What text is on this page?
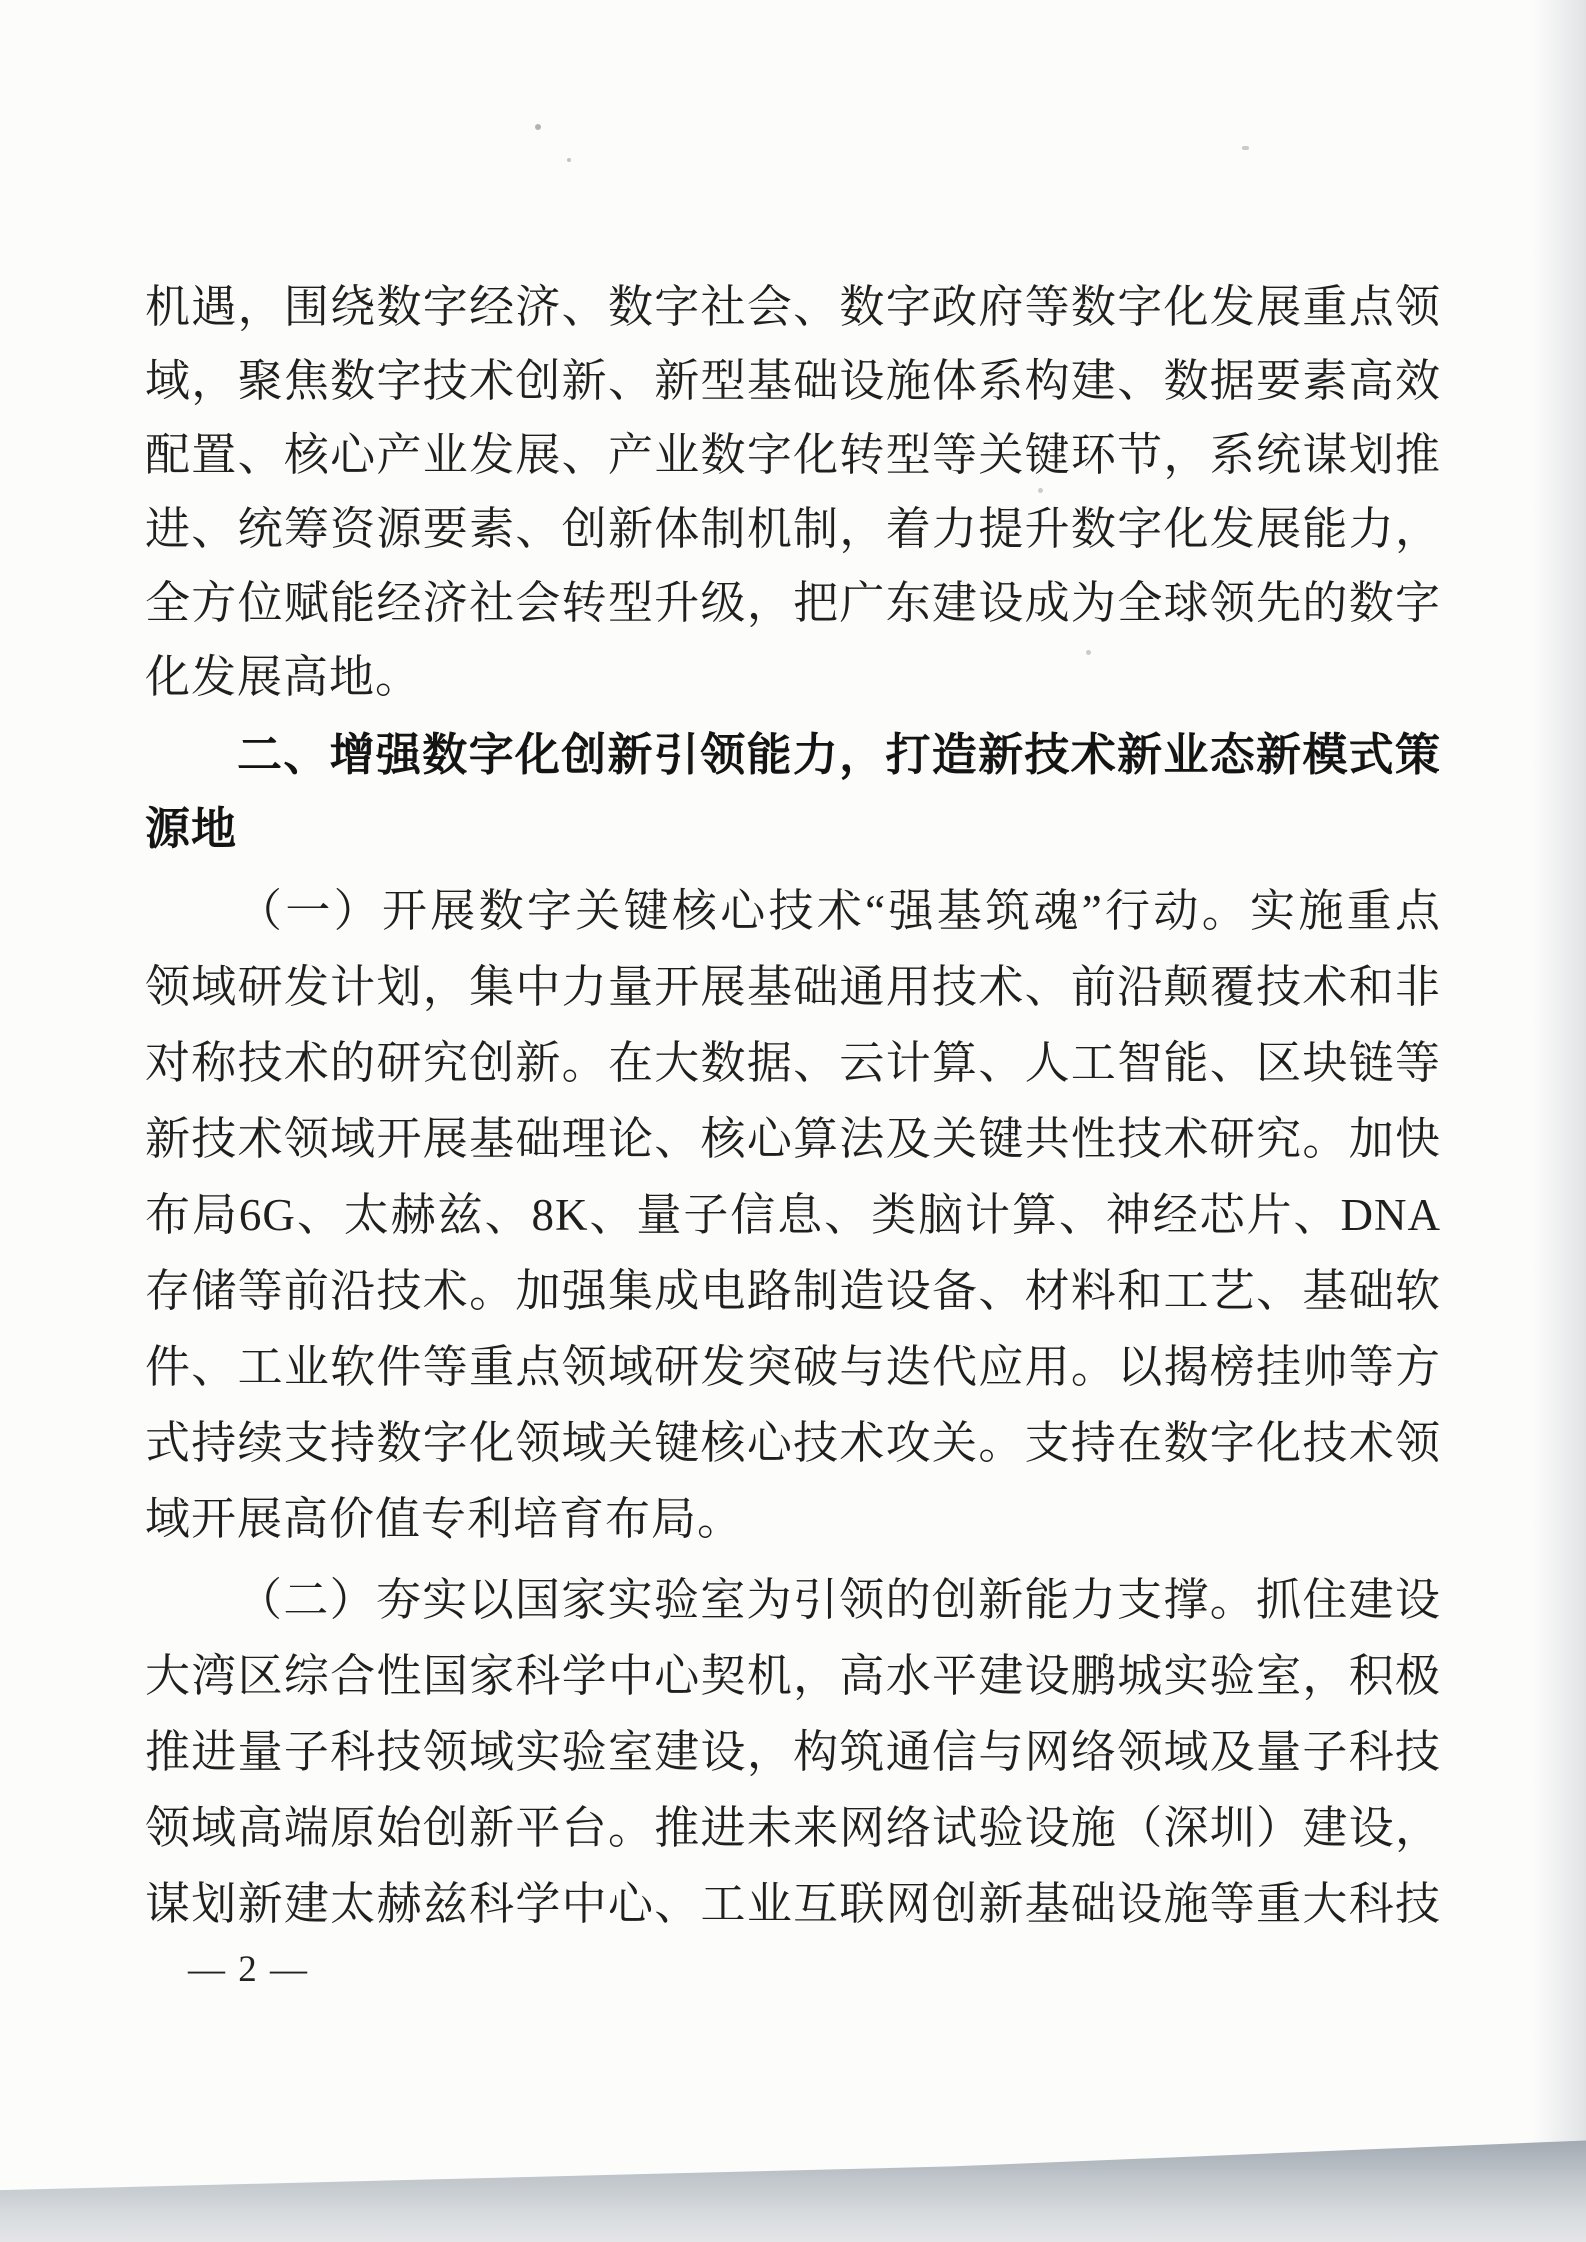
机遇，围绕数字经济、数字社会、数字政府等数字化发展重点领
域，聚焦数字技术创新、新型基础设施体系构建、数据要素高效
配置、核心产业发展、产业数字化转型等关键环节，系统谋划推
进、统筹资源要素、创新体制机制，着力提升数字化发展能力，
全方位赋能经济社会转型升级，把广东建设成为全球领先的数字
化发展高地。
二、增强数字化创新引领能力，打造新技术新业态新模式策
源地
（一）开展数字关键核心技术“强基筑魂”行动。实施重点
领域研发计划，集中力量开展基础通用技术、前沿颠覆技术和非
对称技术的研究创新。在大数据、云计算、人工智能、区块链等
新技术领域开展基础理论、核心算法及关键共性技术研究。加快
布局6G、太赫兹、8K、量子信息、类脑计算、神经芯片、DNA
存储等前沿技术。加强集成电路制造设备、材料和工艺、基础软
件、工业软件等重点领域研发突破与迭代应用。以揭榜挂帅等方
式持续支持数字化领域关键核心技术攻关。支持在数字化技术领
域开展高价值专利培育布局。
（二）夯实以国家实验室为引领的创新能力支撑。抓住建设
大湾区综合性国家科学中心契机，高水平建设鹏城实验室，积极
推进量子科技领域实验室建设，构筑通信与网络领域及量子科技
领域高端原始创新平台。推进未来网络试验设施（深圳）建设，
谋划新建太赫兹科学中心、工业互联网创新基础设施等重大科技
— 2 —
